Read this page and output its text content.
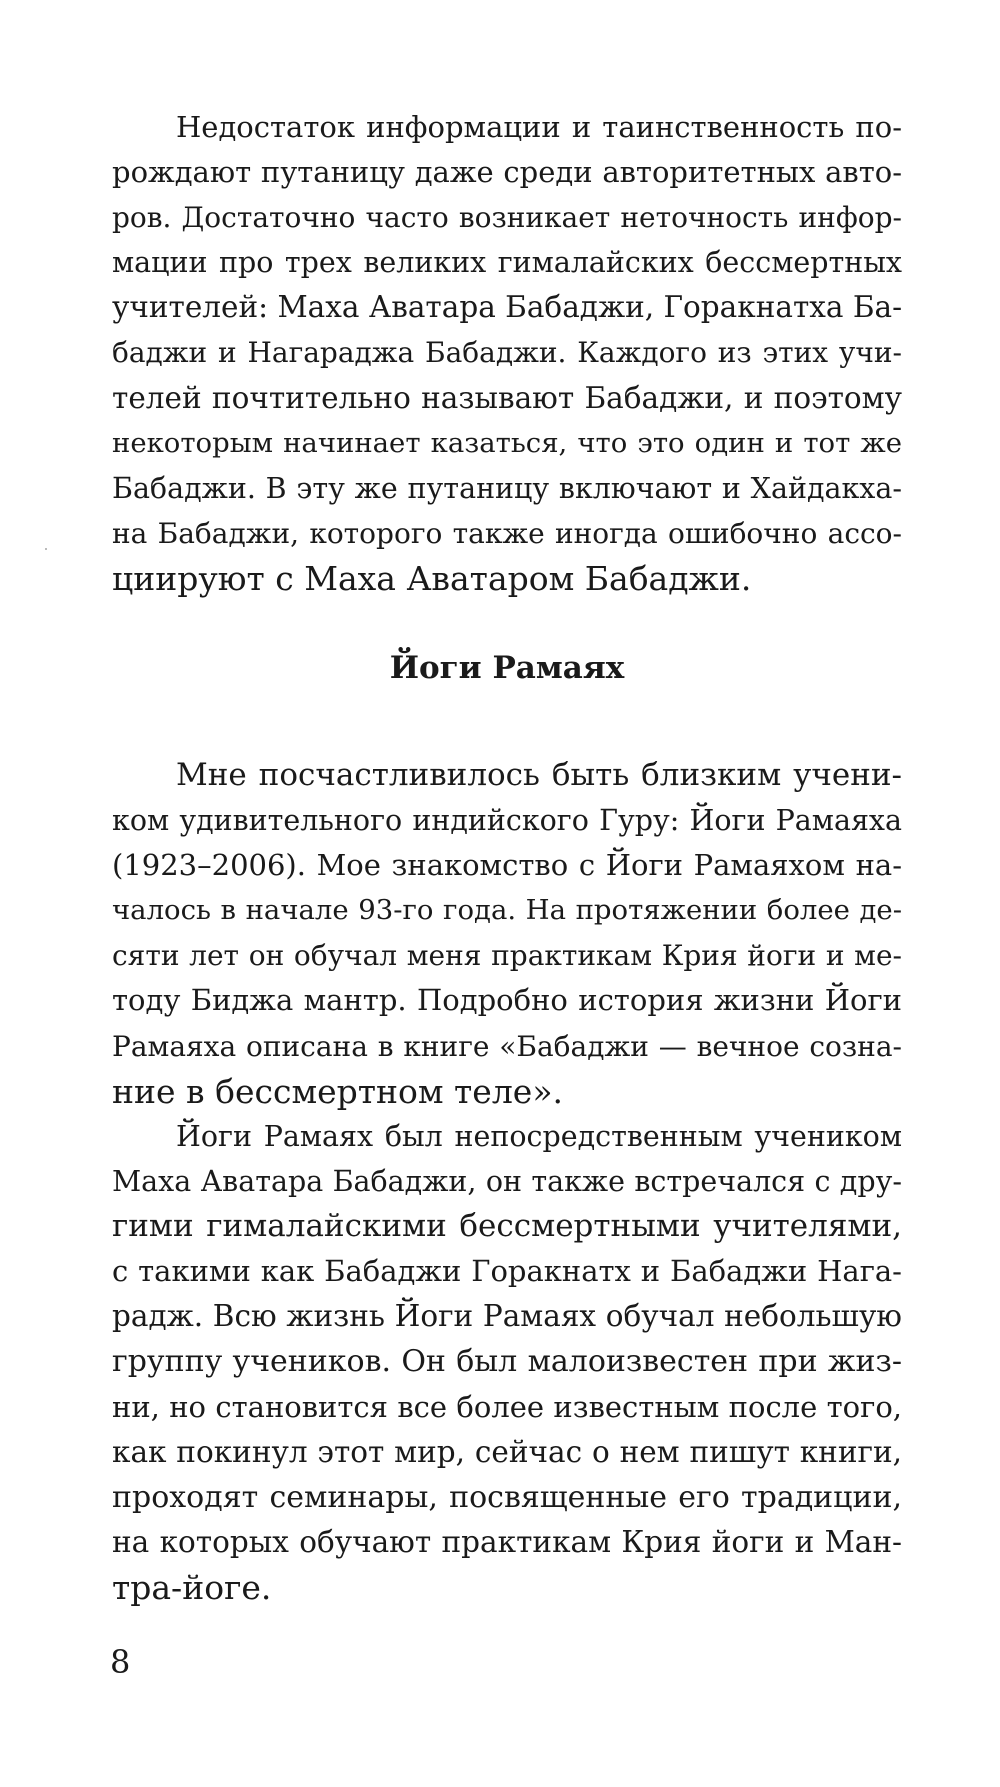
Недостаток информации и таинственность по-
рождают путаницу даже среди авторитетных авто-
ров. Достаточно часто возникает неточность инфор-
мации про трех великих гималайских бессмертных
учителей: Маха Аватара Бабаджи, Горакнатха Ба-
баджи и Нагараджа Бабаджи. Каждого из этих учи-
телей почтительно называют Бабаджи, и поэтому
некоторым начинает казаться, что это один и тот же
Бабаджи. В эту же путаницу включают и Хайдакха-
на Бабаджи, которого также иногда ошибочно ассо-
циируют с Маха Аватаром Бабаджи.
Йоги Рамаях
Мне посчастливилось быть близким учени-
ком удивительного индийского Гуру: Йоги Рамаяха
(1923–2006). Мое знакомство с Йоги Рамаяхом на-
чалось в начале 93-го года. На протяжении более де-
сяти лет он обучал меня практикам Крия йоги и ме-
тоду Биджа мантр. Подробно история жизни Йоги
Рамаяха описана в книге «Бабаджи — вечное созна-
ние в бессмертном теле».
Йоги Рамаях был непосредственным учеником
Маха Аватара Бабаджи, он также встречался с дру-
гими гималайскими бессмертными учителями,
с такими как Бабаджи Горакнатх и Бабаджи Нага-
радж. Всю жизнь Йоги Рамаях обучал небольшую
группу учеников. Он был малоизвестен при жиз-
ни, но становится все более известным после того,
как покинул этот мир, сейчас о нем пишут книги,
проходят семинары, посвященные его традиции,
на которых обучают практикам Крия йоги и Ман-
тра-йоге.
8
